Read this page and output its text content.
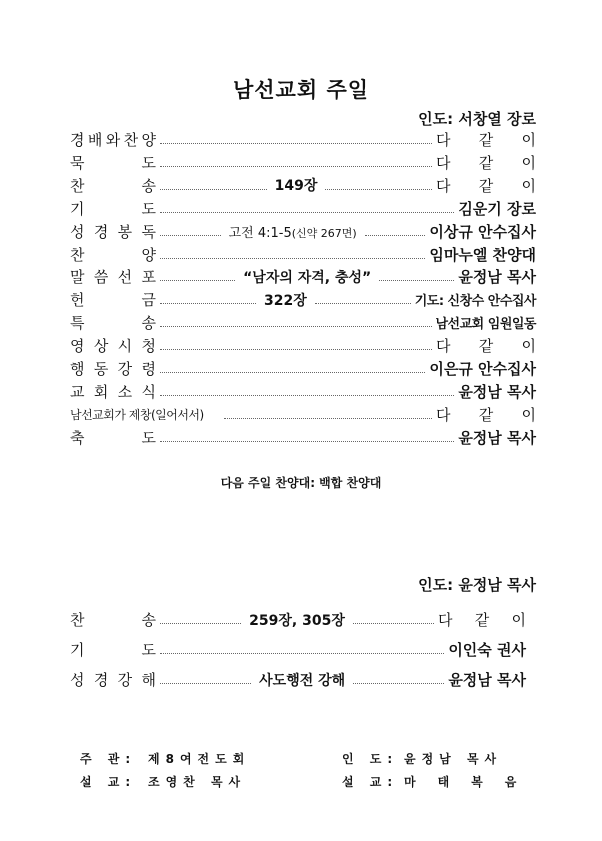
남선교회 주일
인도: 서창열 장로
경 배 와 찬 양	다 같 이
묵	도	다 같 이
찬	송	149장	다 같 이
기	도	김운기 장로
성 경 봉 독	고전 4:1-5(신약 267면)	이상규 안수집사
찬	양	임마누엘 찬양대
말 씀 선 포	“남자의 자격, 충성”	윤정남 목사
헌	금	322장	기도: 신창수 안수집사
특	송	남선교회 임원일동
영 상 시 청	다 같 이
행 동 강 령	이은규 안수집사
교 회 소 식	윤정남 목사
남선교회가 제창(일어서서)	다 같 이
축	도	윤정남 목사
다음 주일 찬양대: 백합 찬양대
인도: 윤정남 목사
찬	송	259장, 305장	다 같 이
기	도	이인숙 권사
성 경 강 해	사도행전 강해	윤정남 목사
주 관: 제8여전도회	인 도: 윤정남 목사
설 교: 조영찬 목사	설 교: 마태복음
